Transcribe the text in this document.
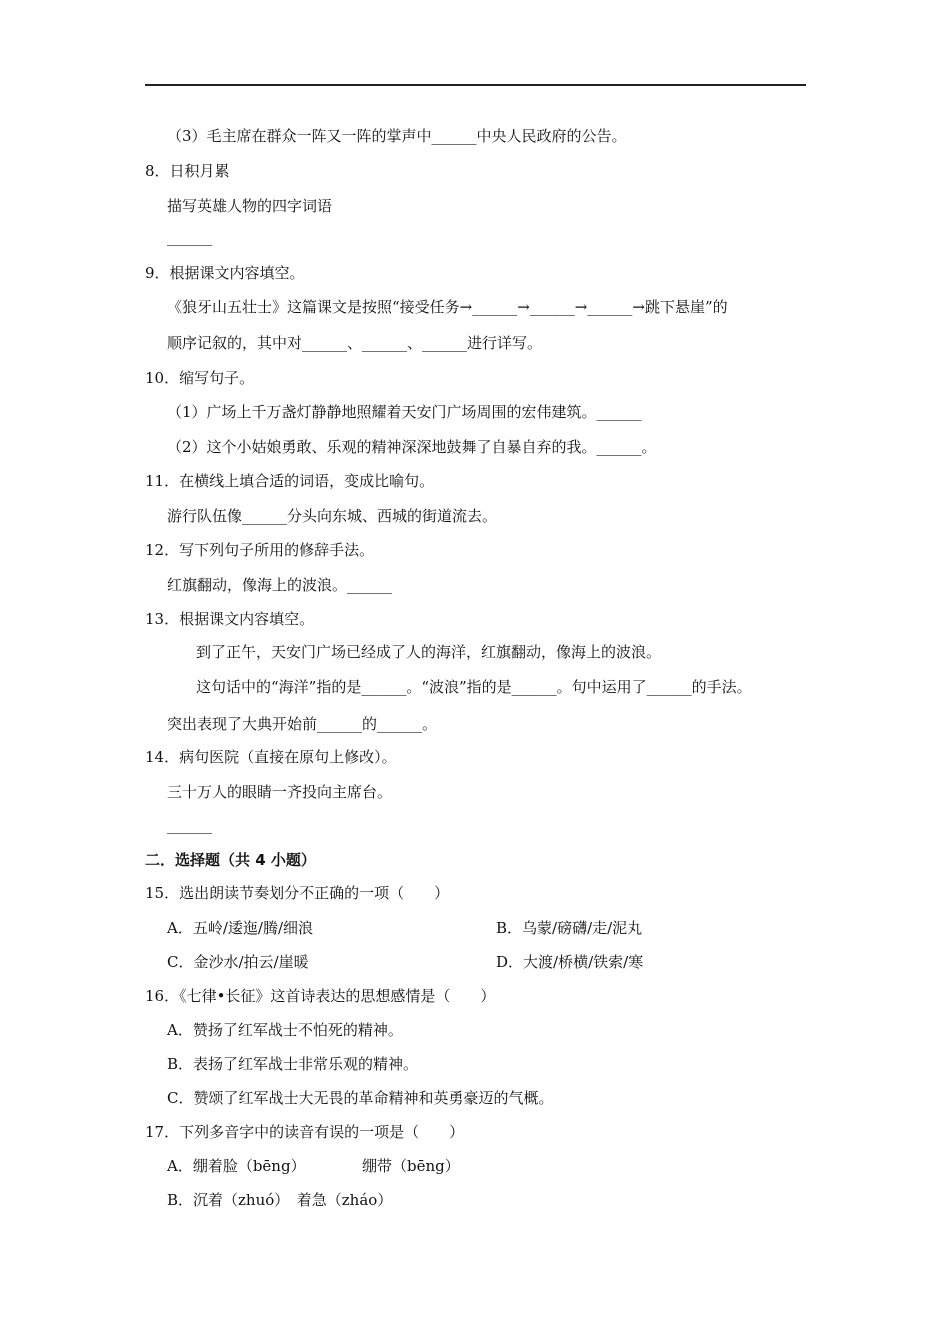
（3）毛主席在群众一阵又一阵的掌声中______中央人民政府的公告。
8．日积月累
描写英雄人物的四字词语
______
9．根据课文内容填空。
《狼牙山五壮士》这篇课文是按照“接受任务→______→______→______→跳下悬崖”的
顺序记叙的，其中对______、______、______进行详写。
10．缩写句子。
（1）广场上千万盏灯静静地照耀着天安门广场周围的宏伟建筑。______
（2）这个小姑娘勇敢、乐观的精神深深地鼓舞了自暴自弃的我。______。
11．在横线上填合适的词语，变成比喻句。
游行队伍像______分头向东城、西城的街道流去。
12．写下列句子所用的修辞手法。
红旗翻动，像海上的波浪。______
13．根据课文内容填空。
到了正午，天安门广场已经成了人的海洋，红旗翻动，像海上的波浪。
这句话中的“海洋”指的是______。“波浪”指的是______。句中运用了______的手法。
突出表现了大典开始前______的______。
14．病句医院（直接在原句上修改）。
三十万人的眼睛一齐投向主席台。
______
二．选择题（共 4 小题）
15．选出朗读节奏划分不正确的一项（　　）
A．五岭/逶迤/腾/细浪	B．乌蒙/磅礴/走/泥丸
C．金沙水/拍云/崖暖	D．大渡/桥横/铁索/寒
16．《七律•长征》这首诗表达的思想感情是（　　）
A．赞扬了红军战士不怕死的精神。
B．表扬了红军战士非常乐观的精神。
C．赞颂了红军战士大无畏的革命精神和英勇豪迈的气概。
17．下列多音字中的读音有误的一项是（　　）
A．绷着脸（bēng）	绷带（bēng）
B．沉着（zhuó）　着急（zháo）
